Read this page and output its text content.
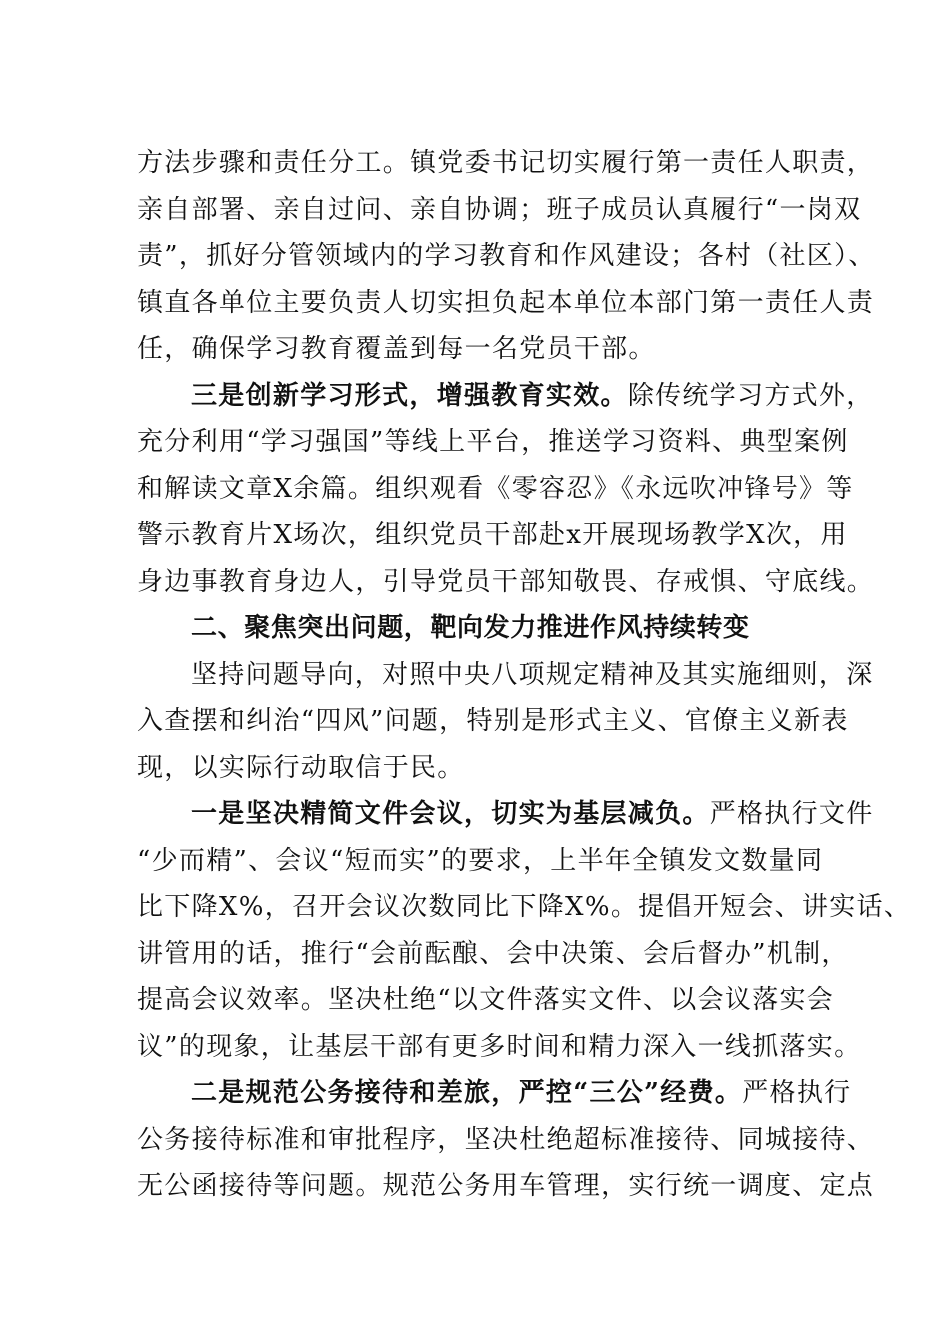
方法步骤和责任分工。镇党委书记切实履行第一责任人职责，
亲自部署、亲自过问、亲自协调；班子成员认真履行“一岗双
责”，抓好分管领域内的学习教育和作风建设；各村（社区）、
镇直各单位主要负责人切实担负起本单位本部门第一责任人责
任，确保学习教育覆盖到每一名党员干部。
三是创新学习形式，增强教育实效。除传统学习方式外，
充分利用“学习强国”等线上平台，推送学习资料、典型案例
和解读文章X余篇。组织观看《零容忍》《永远吹冲锋号》等
警示教育片X场次，组织党员干部赴x开展现场教学X次，用
身边事教育身边人，引导党员干部知敬畏、存戒惧、守底线。
二、聚焦突出问题，靶向发力推进作风持续转变
坚持问题导向，对照中央八项规定精神及其实施细则，深
入查摆和纠治“四风”问题，特别是形式主义、官僚主义新表
现，以实际行动取信于民。
一是坚决精简文件会议，切实为基层减负。严格执行文件
“少而精”、会议“短而实”的要求，上半年全镇发文数量同
比下降X%，召开会议次数同比下降X%。提倡开短会、讲实话、
讲管用的话，推行“会前酝酿、会中决策、会后督办”机制，
提高会议效率。坚决杜绝“以文件落实文件、以会议落实会
议”的现象，让基层干部有更多时间和精力深入一线抓落实。
二是规范公务接待和差旅，严控“三公”经费。严格执行
公务接待标准和审批程序，坚决杜绝超标准接待、同城接待、
无公函接待等问题。规范公务用车管理，实行统一调度、定点
